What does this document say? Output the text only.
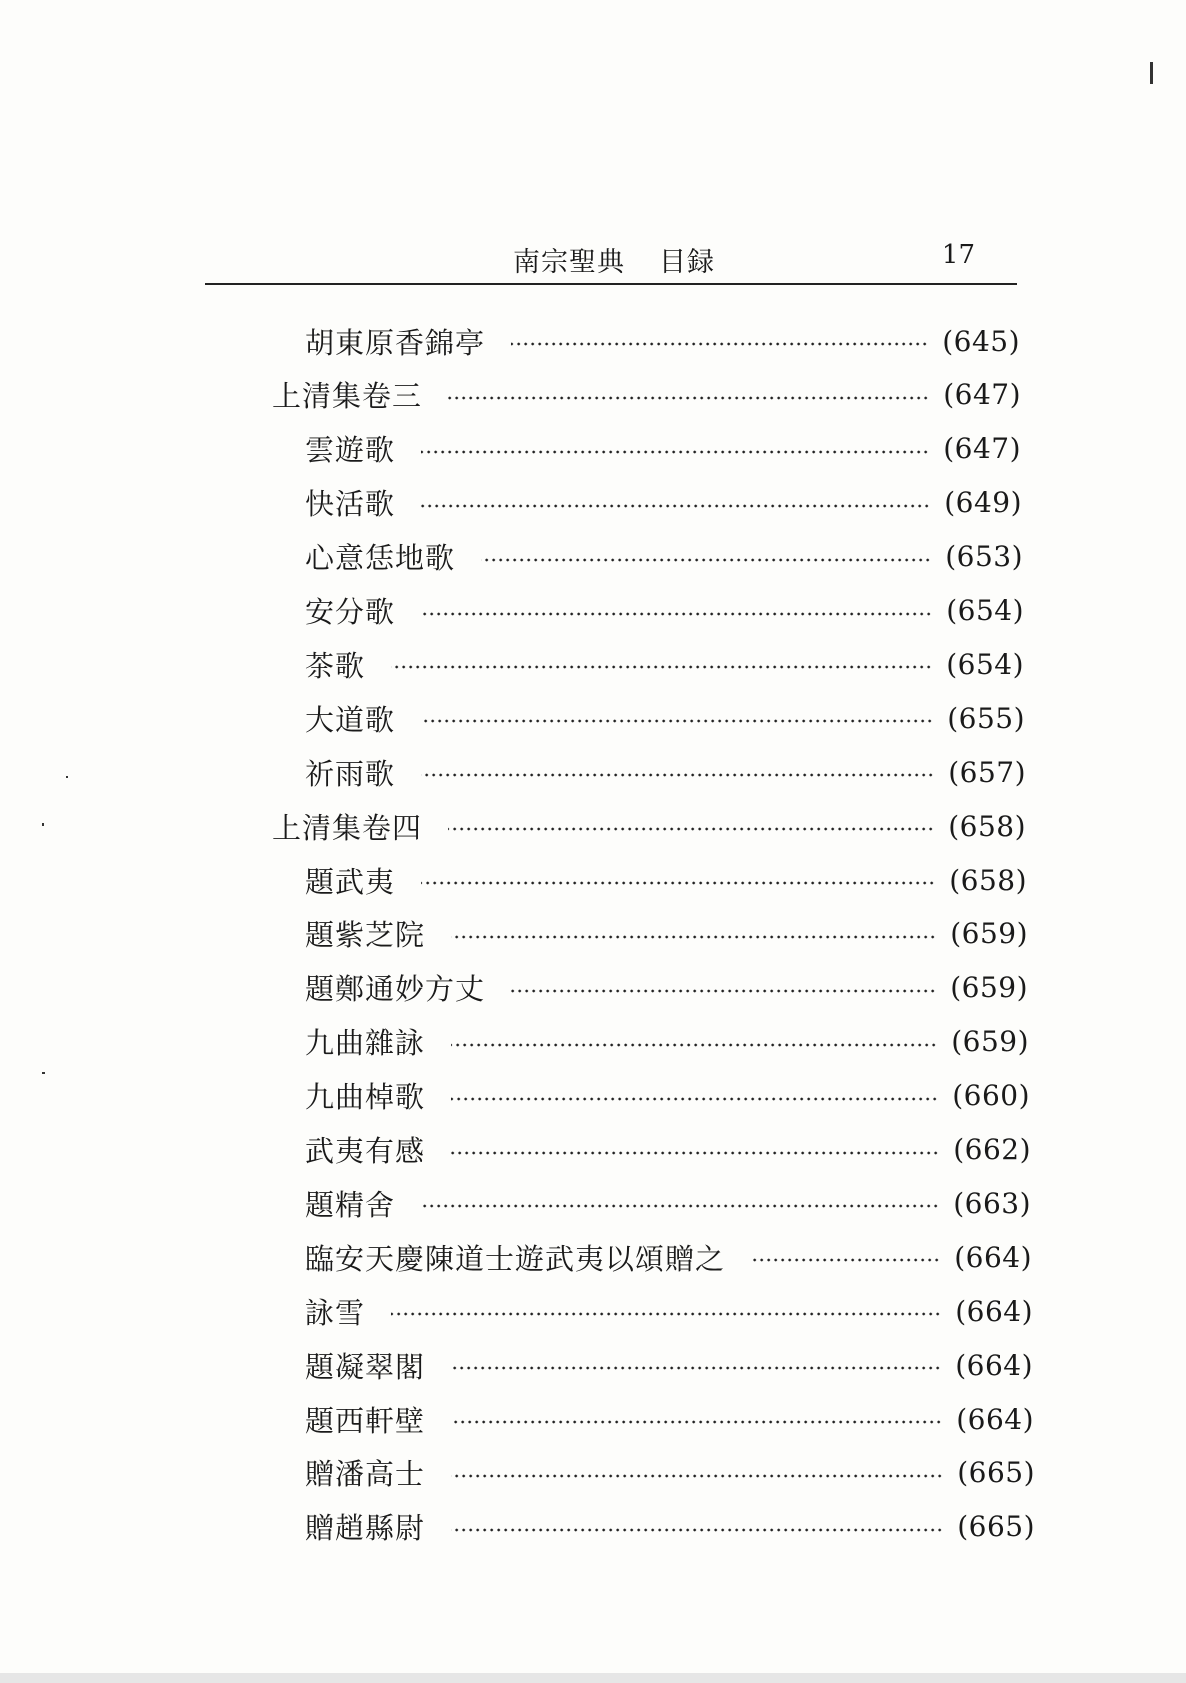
南宗聖典 目録	17
胡東原香錦亭	(645)
上清集卷三	(647)
雲遊歌	(647)
快活歌	(649)
心意恁地歌	(653)
安分歌	(654)
茶歌	(654)
大道歌	(655)
祈雨歌	(657)
上清集卷四	(658)
題武夷	(658)
題紫芝院	(659)
題鄭通妙方丈	(659)
九曲雜詠	(659)
九曲棹歌	(660)
武夷有感	(662)
題精舍	(663)
臨安天慶陳道士遊武夷以頌贈之	(664)
詠雪	(664)
題凝翠閣	(664)
題西軒壁	(664)
贈潘高士	(665)
贈趙縣尉	(665)
